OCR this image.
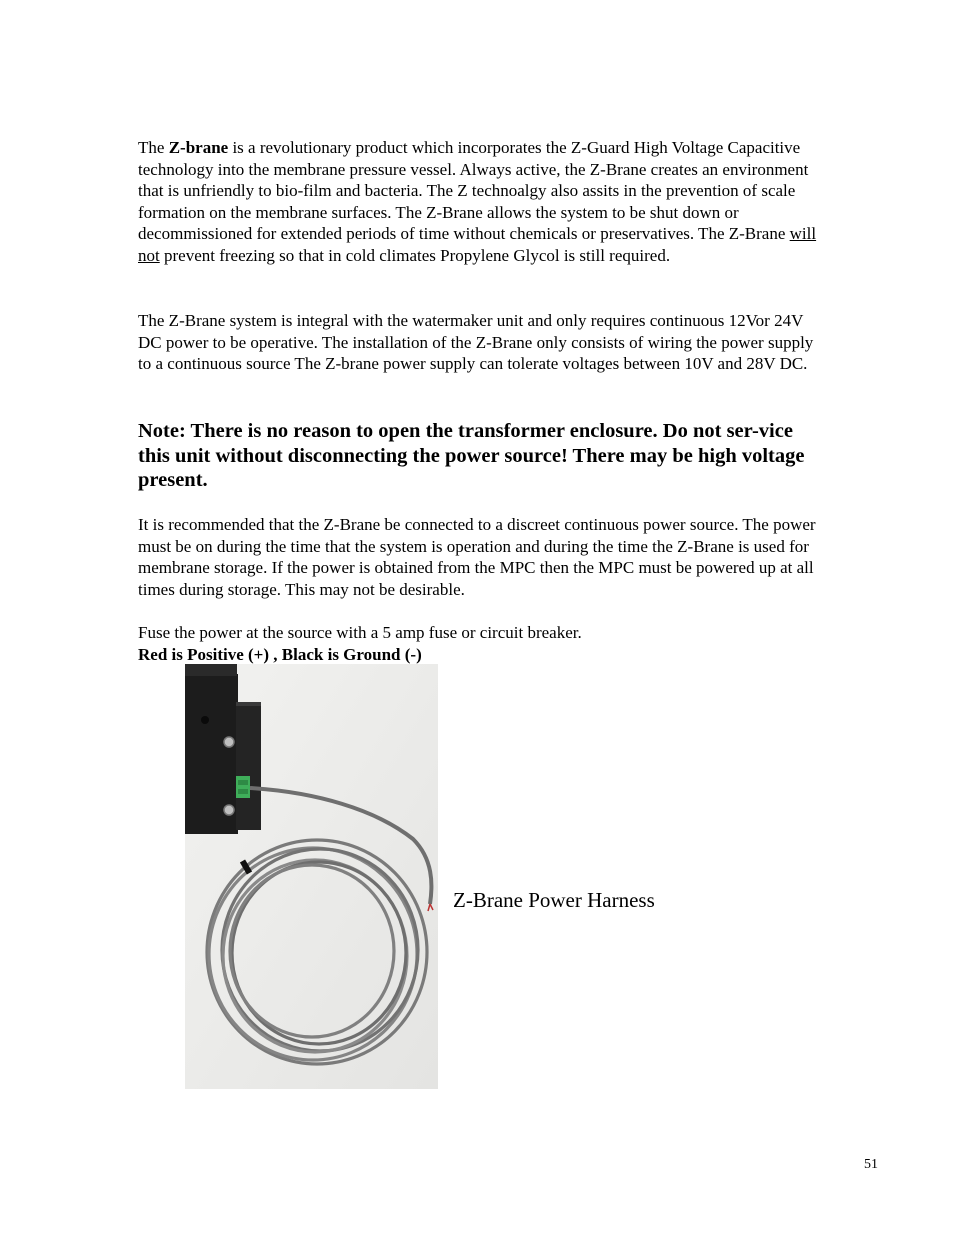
The Z-brane is a revolutionary product which incorporates the Z-Guard High Voltage Capacitive technology into the membrane pressure vessel. Always active, the Z-Brane creates an environment that is unfriendly to bio-film and bacteria. The Z technoalgy also assits in the prevention of scale formation on the membrane surfaces. The Z-Brane allows the system to be shut down or decommissioned for extended periods of time without chemicals or preservatives. The Z-Brane will not prevent freezing so that in cold climates Propylene Glycol is still required.

The Z-Brane system is integral with the watermaker unit and only requires continuous 12Vor 24V DC power to be operative. The installation of the Z-Brane only consists of wiring the power supply to a continuous source The Z-brane power supply can tolerate voltages between 10V and 28V DC.

Note: There is no reason to open the transformer enclosure. Do not ser-vice this unit without disconnecting the power source! There may be high voltage present.

It is recommended that the Z-Brane be connected to a discreet continuous power source. The power must be on during the time that the system is operation and during the time the Z-Brane is used for membrane storage. If the power is obtained from the MPC then the MPC must be powered up at all times during storage. This may not be desirable.

Fuse the power at the source with a 5 amp fuse or circuit breaker.

Red is Positive (+) , Black is Ground (-)

Z-Brane Power Harness

51
